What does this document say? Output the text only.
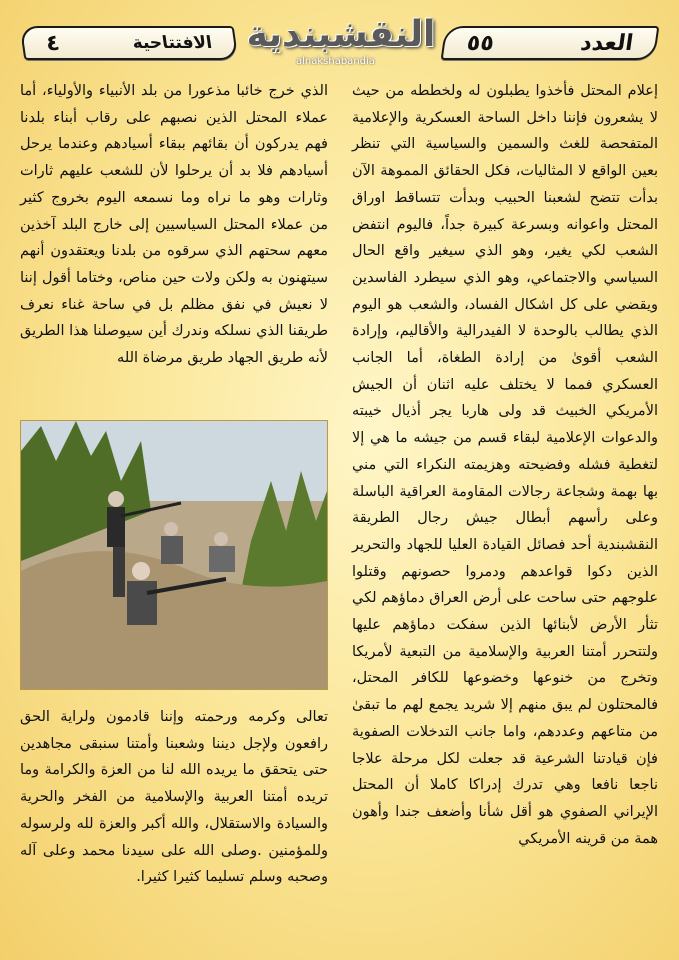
العدد
٥٥
النقشبندية
alnakshabandia
الافتتاحية
٤

إعلام المحتل فأخذوا يطبلون له ولخططه من حيث لا يشعرون فإننا داخل الساحة العسكرية والإعلامية المتفحصة للغث والسمين والسياسية التي تنظر بعين الواقع لا المثاليات، فكل الحقائق المموهة الآن بدأت تتضح لشعبنا الحبيب وبدأت تتساقط اوراق المحتل واعوانه وبسرعة كبيرة جداً، فاليوم انتفض الشعب لكي يغير، وهو الذي سيغير واقع الحال السياسي والاجتماعي، وهو الذي سيطرد الفاسدين ويقضي على كل اشكال الفساد، والشعب هو اليوم الذي يطالب بالوحدة لا الفيدرالية والأقاليم، وإرادة الشعب أقوىٰ من إرادة الطغاة، أما الجانب العسكري فمما لا يختلف عليه اثنان أن الجيش الأمريكي الخبيث قد ولى هاربا يجر أذيال خيبته والدعوات الإعلامية لبقاء قسم من جيشه ما هي إلا لتغطية فشله وفضيحته وهزيمته النكراء التي مني بها بهمة وشجاعة رجالات المقاومة العراقية الباسلة وعلى رأسهم أبطال جيش رجال الطريقة النقشبندية أحد فصائل القيادة العليا للجهاد والتحرير الذين دكوا قواعدهم ودمروا حصونهم وقتلوا علوجهم حتى ساحت على أرض العراق دماؤهم لكي تثأر الأرض لأبنائها الذين سفكت دماؤهم عليها ولتتحرر أمتنا العربية والإسلامية من التبعية لأمريكا وتخرج من خنوعها وخضوعها للكافر المحتل، فالمحتلون لم يبق منهم إلا شريد يجمع لهم ما تبقىٰ من متاعهم وعددهم، واما جانب التدخلات الصفوية فإن قيادتنا الشرعية قد جعلت لكل مرحلة علاجا ناجعا نافعا وهي تدرك إدراكا كاملا أن المحتل الإيراني الصفوي هو أقل شأنا وأضعف جندا وأهون همة من قرينه الأمريكي

الذي خرج خائبا مذعورا من بلد الأنبياء والأولياء، أما عملاء المحتل الذين نصبهم على رقاب أبناء بلدنا فهم يدركون أن بقائهم ببقاء أسيادهم وعندما يرحل أسيادهم فلا بد أن يرحلوا لأن للشعب عليهم ثارات وثارات وهو ما نراه وما نسمعه اليوم بخروج كثير من عملاء المحتل السياسيين إلى خارج البلد آخذين معهم سحتهم الذي سرقوه من بلدنا ويعتقدون أنهم سيتهنون به ولكن ولات حين مناص، وختاما أقول إننا لا نعيش في نفق مظلم بل في ساحة غناء نعرف طريقنا الذي نسلكه وندرك أين سيوصلنا هذا الطريق لأنه طريق الجهاد طريق مرضاة الله

تعالى وكرمه ورحمته وإننا قادمون ولراية الحق رافعون ولإجل ديننا وشعبنا وأمتنا سنبقى مجاهدين حتى يتحقق ما يريده الله لنا من العزة والكرامة وما تريده أمتنا العربية والإسلامية من الفخر والحرية والسيادة والاستقلال، والله أكبر والعزة لله ولرسوله وللمؤمنين .وصلى الله على سيدنا محمد وعلى آله وصحبه وسلم تسليما كثيرا كثيرا.
